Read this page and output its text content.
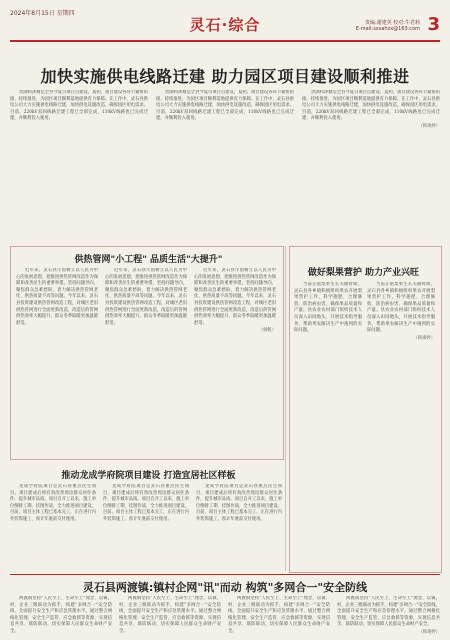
2024年8月15日 星期四
灵石·综合	贵编:谢建英 校对:牛君莉
E-mail:sxsahzx@163.com 3
加快实施供电线路迁建 助力园区项目建设顺利推进
贵湖和沐塘是全县今夏引项目点建设，夏初，项目建设各环节紧密衔接，持续推进，为园区项目顺利落地提供有力保障。在工作中，灵石县供电公司大力实施供电线路迁建，加快供电设施改造，确保园区用电需求。目前，220kV双回线路迁建工程已全部完成，110kV线路也已完成迁建，并顺利投入使用。
贵湖和沐塘是全县今夏引项目点建设，夏初，项目建设各环节紧密衔接，持续推进，为园区项目顺利落地提供有力保障。在工作中，灵石县供电公司大力实施供电线路迁建，加快供电设施改造，确保园区用电需求。目前，220kV双回线路迁建工程已全部完成，110kV线路也已完成迁建，并顺利投入使用。
贵湖和沐塘是全县今夏引项目点建设，夏初，项目建设各环节紧密衔接，持续推进，为园区项目顺利落地提供有力保障。在工作中，灵石县供电公司大力实施供电线路迁建，加快供电设施改造，确保园区用电需求。目前，220kV双回线路迁建工程已全部完成，110kV线路也已完成迁建，并顺利投入使用。
（韩竣婷）
供热管网"小工程" 品质生活"大提升"
近年来，灵石县牢固树立以人民为中心的发展思想，把推进供热管网改造作为保障和改善民生的重要举措，坚持问题导向，聚焦群众急难愁盼，着力解决供热管网老化、供热质量不高等问题。今年以来，灵石县投资建设供热管网改造工程，对城区老旧供热管网进行全面更新改造，改造后的管网供热效率大幅提升，群众冬季取暖更加温暖舒适。
近年来，灵石县牢固树立以人民为中心的发展思想，把推进供热管网改造作为保障和改善民生的重要举措，坚持问题导向，聚焦群众急难愁盼，着力解决供热管网老化、供热质量不高等问题。今年以来，灵石县投资建设供热管网改造工程，对城区老旧供热管网进行全面更新改造，改造后的管网供热效率大幅提升，群众冬季取暖更加温暖舒适。
近年来，灵石县牢固树立以人民为中心的发展思想，把推进供热管网改造作为保障和改善民生的重要举措，坚持问题导向，聚焦群众急难愁盼，着力解决供热管网老化、供热质量不高等问题。今年以来，灵石县投资建设供热管网改造工程，对城区老旧供热管网进行全面更新改造，改造后的管网供热效率大幅提升，群众冬季取暖更加温暖舒适。
（杨帆）
推动龙成学府院项目建设 打造宜居社区样板
龙成学府院项目是灵石县重点民生项目，项目建成后将有效改善周边群众居住条件，提升城市品质。项目自开工以来，施工单位倒排工期、挂图作战，全力推进项目建设。目前，项目主体工程已基本完工，正在进行内外装饰施工，预计年底前交付使用。
龙成学府院项目是灵石县重点民生项目，项目建成后将有效改善周边群众居住条件，提升城市品质。项目自开工以来，施工单位倒排工期、挂图作战，全力推进项目建设。目前，项目主体工程已基本完工，正在进行内外装饰施工，预计年底前交付使用。
龙成学府院项目是灵石县重点民生项目，项目建成后将有效改善周边群众居住条件，提升城市品质。项目自开工以来，施工单位倒排工期、挂图作战，全力推进项目建设。目前，项目主体工程已基本完工，正在进行内外装饰施工，预计年底前交付使用。
做好梨果营护 助力产业兴旺
当前正值梨果生长关键时期，灵石县各乡镇积极组织果农开展梨果营护工作，科学施肥、合理修剪、防治病虫害，确保果品质量和产量。县农业农村部门组织技术人员深入田间地头，开展技术指导服务，帮助果农解决生产中遇到的实际问题。
当前正值梨果生长关键时期，灵石县各乡镇积极组织果农开展梨果营护工作，科学施肥、合理修剪、防治病虫害，确保果品质量和产量。县农业农村部门组织技术人员深入田间地头，开展技术指导服务，帮助果农解决生产中遇到的实际问题。
（韩竣婷）
灵石县两渡镇:镇村企网"讯"而动 构筑"多网合一"安全防线
两渡镇坚持"人民至上、生命至上"理念，以镇、村、企业三级联动为抓手，构建"多网合一"安全防线，全面提升安全生产和应急管理水平。通过整合网格化管理、安全生产监管、应急救援等资源，实现信息共享、联防联动，切实保障人民群众生命财产安全。
两渡镇坚持"人民至上、生命至上"理念，以镇、村、企业三级联动为抓手，构建"多网合一"安全防线，全面提升安全生产和应急管理水平。通过整合网格化管理、安全生产监管、应急救援等资源，实现信息共享、联防联动，切实保障人民群众生命财产安全。
两渡镇坚持"人民至上、生命至上"理念，以镇、村、企业三级联动为抓手，构建"多网合一"安全防线，全面提升安全生产和应急管理水平。通过整合网格化管理、安全生产监管、应急救援等资源，实现信息共享、联防联动，切实保障人民群众生命财产安全。
两渡镇坚持"人民至上、生命至上"理念，以镇、村、企业三级联动为抓手，构建"多网合一"安全防线，全面提升安全生产和应急管理水平。通过整合网格化管理、安全生产监管、应急救援等资源，实现信息共享、联防联动，切实保障人民群众生命财产安全。
（韩竣婷）
